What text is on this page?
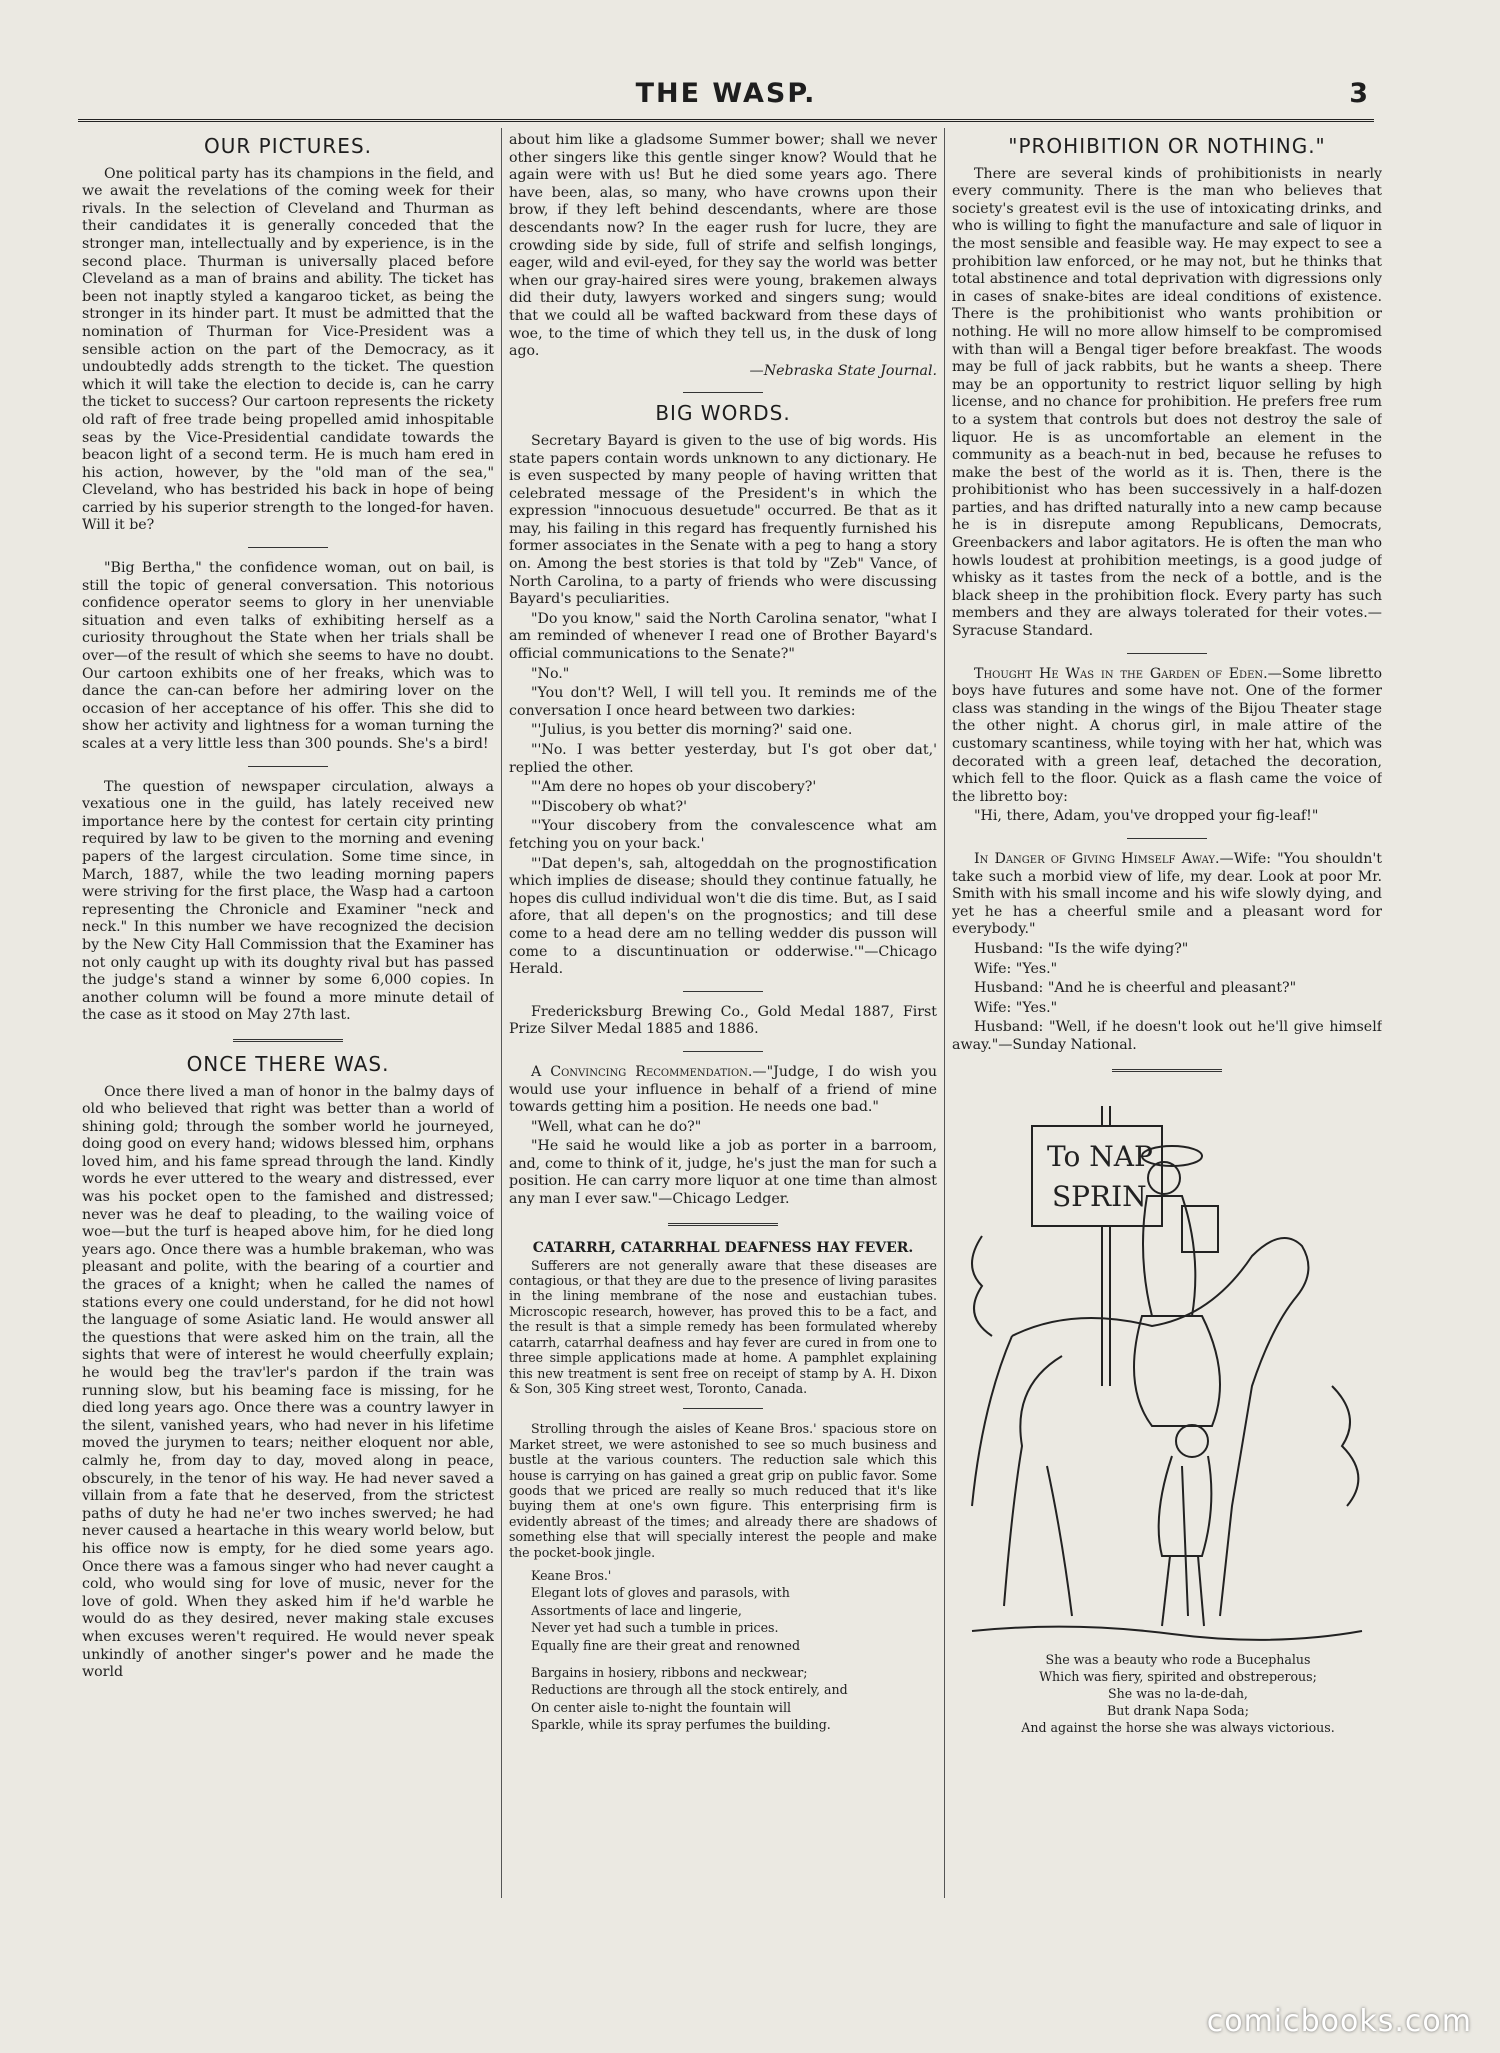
THE WASP.	3
OUR PICTURES.

One political party has its champions in the field, and we await the revelations of the coming week for their rivals. In the selection of Cleveland and Thurman as their candidates it is generally conceded that the stronger man, intellectually and by experience, is in the second place. Thurman is universally placed before Cleveland as a man of brains and ability. The ticket has been not inaptly styled a kangaroo ticket, as being the stronger in its hinder part. It must be admitted that the nomination of Thurman for Vice-President was a sensible action on the part of the Democracy, as it undoubtedly adds strength to the ticket. The question which it will take the election to decide is, can he carry the ticket to success? Our cartoon represents the rickety old raft of free trade being propelled amid inhospitable seas by the Vice-Presidential candidate towards the beacon light of a second term. He is much ham ered in his action, however, by the "old man of the sea," Cleveland, who has bestrided his back in hope of being carried by his superior strength to the longed-for haven. Will it be?

"Big Bertha," the confidence woman, out on bail, is still the topic of general conversation. This notorious confidence operator seems to glory in her unenviable situation and even talks of exhibiting herself as a curiosity throughout the State when her trials shall be over—of the result of which she seems to have no doubt. Our cartoon exhibits one of her freaks, which was to dance the can-can before her admiring lover on the occasion of her acceptance of his offer. This she did to show her activity and lightness for a woman turning the scales at a very little less than 300 pounds. She's a bird!

The question of newspaper circulation, always a vexatious one in the guild, has lately received new importance here by the contest for certain city printing required by law to be given to the morning and evening papers of the largest circulation. Some time since, in March, 1887, while the two leading morning papers were striving for the first place, the Wasp had a cartoon representing the Chronicle and Examiner "neck and neck." In this number we have recognized the decision by the New City Hall Commission that the Examiner has not only caught up with its doughty rival but has passed the judge's stand a winner by some 6,000 copies. In another column will be found a more minute detail of the case as it stood on May 27th last.

ONCE THERE WAS.

Once there lived a man of honor in the balmy days of old who believed that right was better than a world of shining gold; through the somber world he journeyed, doing good on every hand; widows blessed him, orphans loved him, and his fame spread through the land. Kindly words he ever uttered to the weary and distressed, ever was his pocket open to the famished and distressed; never was he deaf to pleading, to the wailing voice of woe—but the turf is heaped above him, for he died long years ago. Once there was a humble brakeman, who was pleasant and polite, with the bearing of a courtier and the graces of a knight; when he called the names of stations every one could understand, for he did not howl the language of some Asiatic land. He would answer all the questions that were asked him on the train, all the sights that were of interest he would cheerfully explain; he would beg the trav'ler's pardon if the train was running slow, but his beaming face is missing, for he died long years ago. Once there was a country lawyer in the silent, vanished years, who had never in his lifetime moved the jurymen to tears; neither eloquent nor able, calmly he, from day to day, moved along in peace, obscurely, in the tenor of his way. He had never saved a villain from a fate that he deserved, from the strictest paths of duty he had ne'er two inches swerved; he had never caused a heartache in this weary world below, but his office now is empty, for he died some years ago. Once there was a famous singer who had never caught a cold, who would sing for love of music, never for the love of gold. When they asked him if he'd warble he would do as they desired, never making stale excuses when excuses weren't required. He would never speak unkindly of another singer's power and he made the world

about him like a gladsome Summer bower; shall we never other singers like this gentle singer know? Would that he again were with us! But he died some years ago. There have been, alas, so many, who have crowns upon their brow, if they left behind descendants, where are those descendants now? In the eager rush for lucre, they are crowding side by side, full of strife and selfish longings, eager, wild and evil-eyed, for they say the world was better when our gray-haired sires were young, brakemen always did their duty, lawyers worked and singers sung; would that we could all be wafted backward from these days of woe, to the time of which they tell us, in the dusk of long ago.

—Nebraska State Journal.

BIG WORDS.

Secretary Bayard is given to the use of big words. His state papers contain words unknown to any dictionary. He is even suspected by many people of having written that celebrated message of the President's in which the expression "innocuous desuetude" occurred. Be that as it may, his failing in this regard has frequently furnished his former associates in the Senate with a peg to hang a story on. Among the best stories is that told by "Zeb" Vance, of North Carolina, to a party of friends who were discussing Bayard's peculiarities.

"Do you know," said the North Carolina senator, "what I am reminded of whenever I read one of Brother Bayard's official communications to the Senate?"

"No."

"You don't? Well, I will tell you. It reminds me of the conversation I once heard between two darkies:

"'Julius, is you better dis morning?' said one.

"'No. I was better yesterday, but I's got ober dat,' replied the other.

"'Am dere no hopes ob your discobery?'

"'Discobery ob what?'

"'Your discobery from the convalescence what am fetching you on your back.'

"'Dat depen's, sah, altogeddah on the prognostification which implies de disease; should they continue fatually, he hopes dis cullud individual won't die dis time. But, as I said afore, that all depen's on the prognostics; and till dese come to a head dere am no telling wedder dis pusson will come to a discuntinuation or odderwise.'"—Chicago Herald.

Fredericksburg Brewing Co., Gold Medal 1887, First Prize Silver Medal 1885 and 1886.

A Convincing Recommendation.—"Judge, I do wish you would use your influence in behalf of a friend of mine towards getting him a position. He needs one bad."

"Well, what can he do?"

"He said he would like a job as porter in a barroom, and, come to think of it, judge, he's just the man for such a position. He can carry more liquor at one time than almost any man I ever saw."—Chicago Ledger.

CATARRH, CATARRHAL DEAFNESS HAY FEVER.

Sufferers are not generally aware that these diseases are contagious, or that they are due to the presence of living parasites in the lining membrane of the nose and eustachian tubes. Microscopic research, however, has proved this to be a fact, and the result is that a simple remedy has been formulated whereby catarrh, catarrhal deafness and hay fever are cured in from one to three simple applications made at home. A pamphlet explaining this new treatment is sent free on receipt of stamp by A. H. Dixon & Son, 305 King street west, Toronto, Canada.

Strolling through the aisles of Keane Bros.' spacious store on Market street, we were astonished to see so much business and bustle at the various counters. The reduction sale which this house is carrying on has gained a great grip on public favor. Some goods that we priced are really so much reduced that it's like buying them at one's own figure. This enterprising firm is evidently abreast of the times; and already there are shadows of something else that will specially interest the people and make the pocket-book jingle.

Keane Bros.'

Elegant lots of gloves and parasols, with

Assortments of lace and lingerie,

Never yet had such a tumble in prices.

Equally fine are their great and renowned

Bargains in hosiery, ribbons and neckwear;

Reductions are through all the stock entirely, and

On center aisle to-night the fountain will

Sparkle, while its spray perfumes the building.

"PROHIBITION OR NOTHING."

There are several kinds of prohibitionists in nearly every community. There is the man who believes that society's greatest evil is the use of intoxicating drinks, and who is willing to fight the manufacture and sale of liquor in the most sensible and feasible way. He may expect to see a prohibition law enforced, or he may not, but he thinks that total abstinence and total deprivation with digressions only in cases of snake-bites are ideal conditions of existence. There is the prohibitionist who wants prohibition or nothing. He will no more allow himself to be compromised with than will a Bengal tiger before breakfast. The woods may be full of jack rabbits, but he wants a sheep. There may be an opportunity to restrict liquor selling by high license, and no chance for prohibition. He prefers free rum to a system that controls but does not destroy the sale of liquor. He is as uncomfortable an element in the community as a beach-nut in bed, because he refuses to make the best of the world as it is. Then, there is the prohibitionist who has been successively in a half-dozen parties, and has drifted naturally into a new camp because he is in disrepute among Republicans, Democrats, Greenbackers and labor agitators. He is often the man who howls loudest at prohibition meetings, is a good judge of whisky as it tastes from the neck of a bottle, and is the black sheep in the prohibition flock. Every party has such members and they are always tolerated for their votes.—Syracuse Standard.

Thought He Was in the Garden of Eden.—Some libretto boys have futures and some have not. One of the former class was standing in the wings of the Bijou Theater stage the other night. A chorus girl, in male attire of the customary scantiness, while toying with her hat, which was decorated with a green leaf, detached the decoration, which fell to the floor. Quick as a flash came the voice of the libretto boy:

"Hi, there, Adam, you've dropped your fig-leaf!"

In Danger of Giving Himself Away.—Wife: "You shouldn't take such a morbid view of life, my dear. Look at poor Mr. Smith with his small income and his wife slowly dying, and yet he has a cheerful smile and a pleasant word for everybody."

Husband: "Is the wife dying?"

Wife: "Yes."

Husband: "And he is cheerful and pleasant?"

Wife: "Yes."

Husband: "Well, if he doesn't look out he'll give himself away."—Sunday National.

To NAP
SPRIN

She was a beauty who rode a Bucephalus

Which was fiery, spirited and obstreperous;

She was no la-de-dah,

But drank Napa Soda;

And against the horse she was always victorious.

comicbooks.com
